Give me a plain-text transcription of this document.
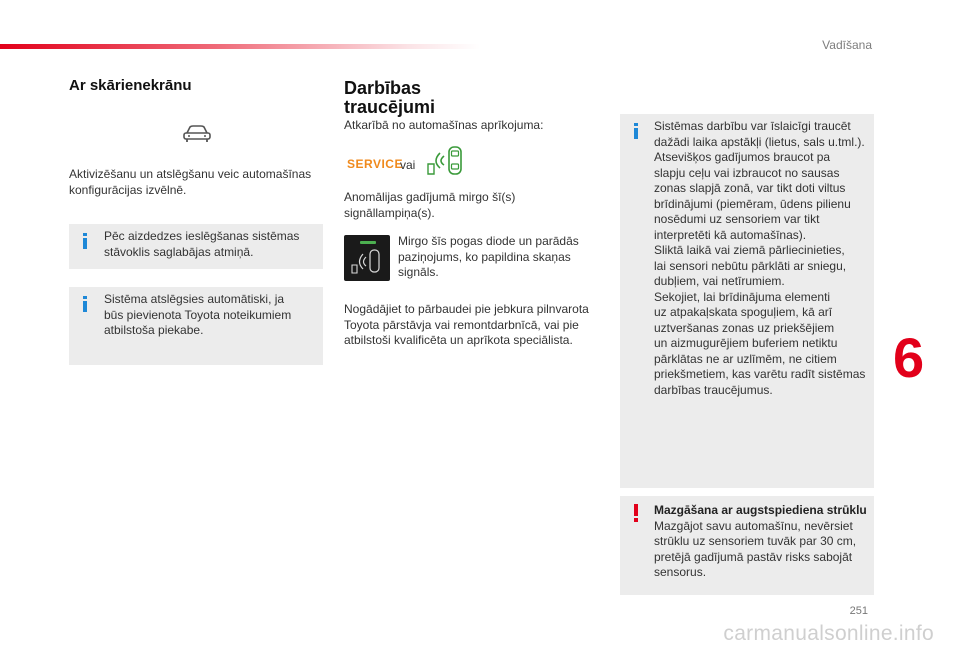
Vadīšana
Ar skārienekrānu
Aktivizēšanu un atslēgšanu veic automašīnas
konfigurācijas izvēlnē.
Pēc aizdedzes ieslēgšanas sistēmas
stāvoklis saglabājas atmiņā.
Sistēma atslēgsies automātiski, ja
būs pievienota Toyota noteikumiem
atbilstoša piekabe.
Darbības
traucējumi
Atkarībā no automašīnas aprīkojuma:
SERVICE
vai
Anomālijas gadījumā mirgo šī(s)
signāllampiņa(s).
Mirgo šīs pogas diode un parādās
paziņojums, ko papildina skaņas
signāls.
Nogādājiet to pārbaudei pie jebkura pilnvarota
Toyota pārstāvja vai remontdarbnīcā, vai pie
atbilstoši kvalificēta un aprīkota speciālista.
Sistēmas darbību var īslaicīgi traucēt
dažādi laika apstākļi (lietus, sals u.tml.).
Atsevišķos gadījumos braucot pa
slapju ceļu vai izbraucot no sausas
zonas slapjā zonā, var tikt doti viltus
brīdinājumi (piemēram, ūdens pilienu
nosēdumi uz sensoriem var tikt
interpretēti kā automašīnas).
Sliktā laikā vai ziemā pārliecinieties,
lai sensori nebūtu pārklāti ar sniegu,
dubļiem, vai netīrumiem.
Sekojiet, lai brīdinājuma elementi
uz atpakaļskata spoguļiem, kā arī
uztveršanas zonas uz priekšējiem
un aizmugurējiem buferiem netiktu
pārklātas ne ar uzlīmēm, ne citiem
priekšmetiem, kas varētu radīt sistēmas
darbības traucējumus.
Mazgāšana ar augstspiediena strūklu
Mazgājot savu automašīnu, nevērsiet
strūklu uz sensoriem tuvāk par 30 cm,
pretējā gadījumā pastāv risks sabojāt
sensorus.
6
251
carmanualsonline.info
